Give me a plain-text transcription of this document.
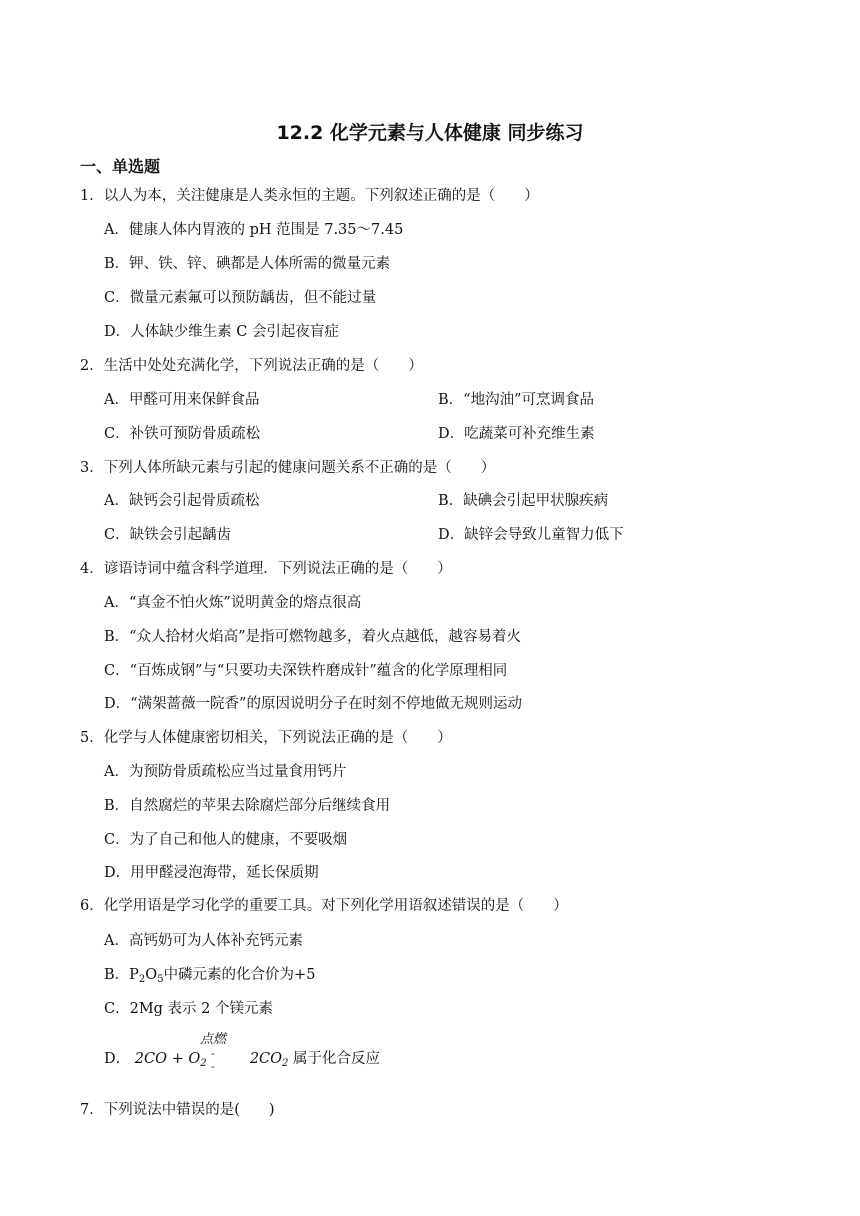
12.2 化学元素与人体健康 同步练习
一、单选题
1．以人为本，关注健康是人类永恒的主题。下列叙述正确的是（　　）
A．健康人体内胃液的 pH 范围是 7.35～7.45
B．钾、铁、锌、碘都是人体所需的微量元素
C．微量元素氟可以预防龋齿，但不能过量
D．人体缺少维生素 C 会引起夜盲症
2．生活中处处充满化学，下列说法正确的是（　　）
A．甲醛可用来保鲜食品	B．“地沟油”可烹调食品
C．补铁可预防骨质疏松	D．吃蔬菜可补充维生素
3．下列人体所缺元素与引起的健康问题关系不正确的是（　　）
A．缺钙会引起骨质疏松	B．缺碘会引起甲状腺疾病
C．缺铁会引起龋齿	D．缺锌会导致儿童智力低下
4．谚语诗词中蕴含科学道理．下列说法正确的是（　　）
A．“真金不怕火炼”说明黄金的熔点很高
B．“众人拾材火焰高”是指可燃物越多，着火点越低，越容易着火
C．“百炼成钢”与“只要功夫深铁杵磨成针”蕴含的化学原理相同
D．“满架蔷薇一院香”的原因说明分子在时刻不停地做无规则运动
5．化学与人体健康密切相关，下列说法正确的是（　　）
A．为预防骨质疏松应当过量食用钙片
B．自然腐烂的苹果去除腐烂部分后继续食用
C．为了自己和他人的健康，不要吸烟
D．用甲醛浸泡海带，延长保质期
6．化学用语是学习化学的重要工具。对下列化学用语叙述错误的是（　　）
A．高钙奶可为人体补充钙元素
B．$P_2O_5$中磷元素的化合价为+5
C．2Mg 表示 2 个镁元素
D． $2CO + O_2$	$2CO_2$ 属于化合反应
点燃
-
-
7．下列说法中错误的是(　　)
